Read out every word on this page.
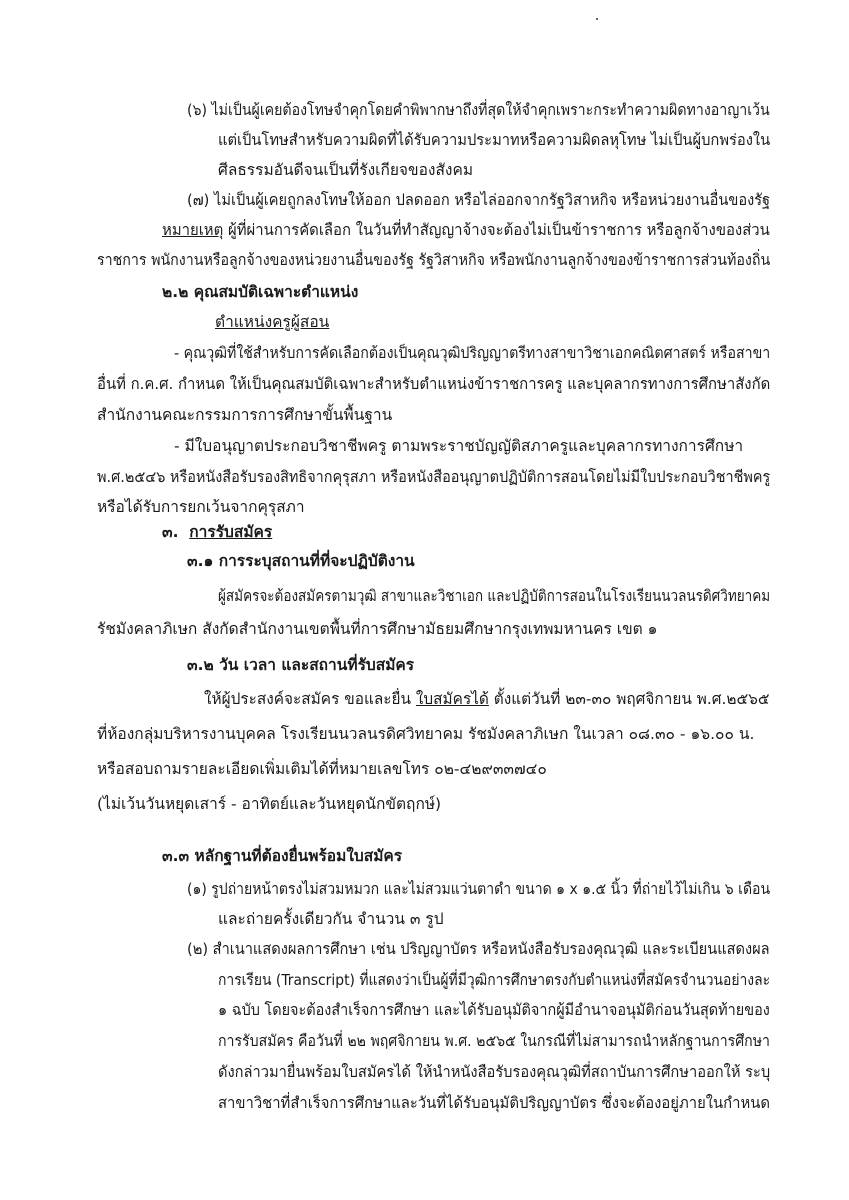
(๖) ไม่เป็นผู้เคยต้องโทษจำคุกโดยคำพิพากษาถึงที่สุดให้จำคุกเพราะกระทำความผิดทางอาญาเว้น
แต่เป็นโทษสำหรับความผิดที่ได้รับความประมาทหรือความผิดลหุโทษ ไม่เป็นผู้บกพร่องใน
ศีลธรรมอันดีจนเป็นที่รังเกียจของสังคม
(๗) ไม่เป็นผู้เคยถูกลงโทษให้ออก ปลดออก หรือไล่ออกจากรัฐวิสาหกิจ หรือหน่วยงานอื่นของรัฐ
หมายเหตุ ผู้ที่ผ่านการคัดเลือก ในวันที่ทำสัญญาจ้างจะต้องไม่เป็นข้าราชการ หรือลูกจ้างของส่วน
ราชการ พนักงานหรือลูกจ้างของหน่วยงานอื่นของรัฐ รัฐวิสาหกิจ หรือพนักงานลูกจ้างของข้าราชการส่วนท้องถิ่น
๒.๒ คุณสมบัติเฉพาะตำแหน่ง
ตำแหน่งครูผู้สอน
- คุณวุฒิที่ใช้สำหรับการคัดเลือกต้องเป็นคุณวุฒิปริญญาตรีทางสาขาวิชาเอกคณิตศาสตร์ หรือสาขา
อื่นที่ ก.ค.ศ. กำหนด ให้เป็นคุณสมบัติเฉพาะสำหรับตำแหน่งข้าราชการครู และบุคลากรทางการศึกษาสังกัด
สำนักงานคณะกรรมการการศึกษาขั้นพื้นฐาน
- มีใบอนุญาตประกอบวิชาชีพครู ตามพระราชบัญญัติสภาครูและบุคลากรทางการศึกษา
พ.ศ.๒๕๔๖ หรือหนังสือรับรองสิทธิจากคุรุสภา หรือหนังสืออนุญาตปฏิบัติการสอนโดยไม่มีใบประกอบวิชาชีพครู
หรือได้รับการยกเว้นจากคุรุสภา
๓. การรับสมัคร
๓.๑ การระบุสถานที่ที่จะปฏิบัติงาน
ผู้สมัครจะต้องสมัครตามวุฒิ สาขาและวิชาเอก และปฏิบัติการสอนในโรงเรียนนวลนรดิศวิทยาคม
รัชมังคลาภิเษก สังกัดสำนักงานเขตพื้นที่การศึกษามัธยมศึกษากรุงเทพมหานคร เขต ๑
๓.๒ วัน เวลา และสถานที่รับสมัคร
ให้ผู้ประสงค์จะสมัคร ขอและยื่น ใบสมัครได้ ตั้งแต่วันที่ ๒๓-๓๐ พฤศจิกายน พ.ศ.๒๕๖๕
ที่ห้องกลุ่มบริหารงานบุคคล โรงเรียนนวลนรดิศวิทยาคม รัชมังคลาภิเษก ในเวลา ๐๘.๓๐ - ๑๖.๐๐ น.
หรือสอบถามรายละเอียดเพิ่มเติมได้ที่หมายเลขโทร ๐๒-๔๒๙๓๓๗๔๐
(ไม่เว้นวันหยุดเสาร์ - อาทิตย์และวันหยุดนักขัตฤกษ์)
๓.๓ หลักฐานที่ต้องยื่นพร้อมใบสมัคร
(๑) รูปถ่ายหน้าตรงไม่สวมหมวก และไม่สวมแว่นตาดำ ขนาด ๑ x ๑.๕ นิ้ว ที่ถ่ายไว้ไม่เกิน ๖ เดือน
และถ่ายครั้งเดียวกัน จำนวน ๓ รูป
(๒) สำเนาแสดงผลการศึกษา เช่น ปริญญาบัตร หรือหนังสือรับรองคุณวุฒิ และระเบียนแสดงผล
การเรียน (Transcript) ที่แสดงว่าเป็นผู้ที่มีวุฒิการศึกษาตรงกับตำแหน่งที่สมัครจำนวนอย่างละ
๑ ฉบับ โดยจะต้องสำเร็จการศึกษา และได้รับอนุมัติจากผู้มีอำนาจอนุมัติก่อนวันสุดท้ายของ
การรับสมัคร คือวันที่ ๒๒ พฤศจิกายน พ.ศ. ๒๕๖๕ ในกรณีที่ไม่สามารถนำหลักฐานการศึกษา
ดังกล่าวมายื่นพร้อมใบสมัครได้ ให้นำหนังสือรับรองคุณวุฒิที่สถาบันการศึกษาออกให้ ระบุ
สาขาวิชาที่สำเร็จการศึกษาและวันที่ได้รับอนุมัติปริญญาบัตร ซึ่งจะต้องอยู่ภายในกำหนด
